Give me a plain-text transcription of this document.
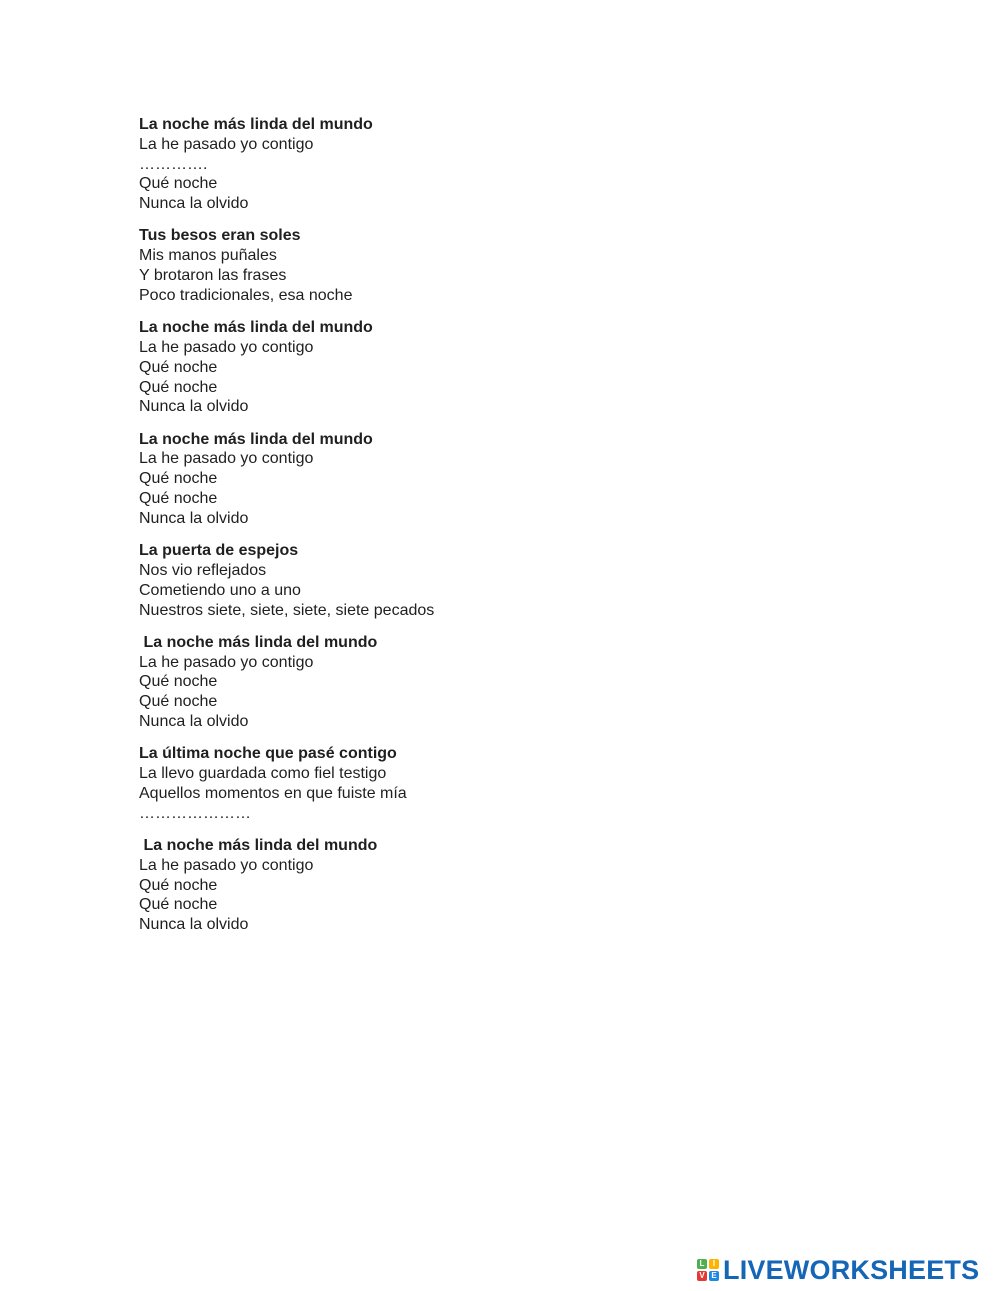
La noche más linda del mundo
La he pasado yo contigo
………….
Qué noche
Nunca la olvido
Tus besos eran soles
Mis manos puñales
Y brotaron las frases
Poco tradicionales, esa noche
La noche más linda del mundo
La he pasado yo contigo
Qué noche
Qué noche
Nunca la olvido
La noche más linda del mundo
La he pasado yo contigo
Qué noche
Qué noche
Nunca la olvido
La puerta de espejos
Nos vio reflejados
Cometiendo uno a uno
Nuestros siete, siete, siete, siete pecados
La noche más linda del mundo
La he pasado yo contigo
Qué noche
Qué noche
Nunca la olvido
La última noche que pasé contigo
La llevo guardada como fiel testigo
Aquellos momentos en que fuiste mía
…………………
La noche más linda del mundo
La he pasado yo contigo
Qué noche
Qué noche
Nunca la olvido
L	I
V E LIVEWORKSHEETS
